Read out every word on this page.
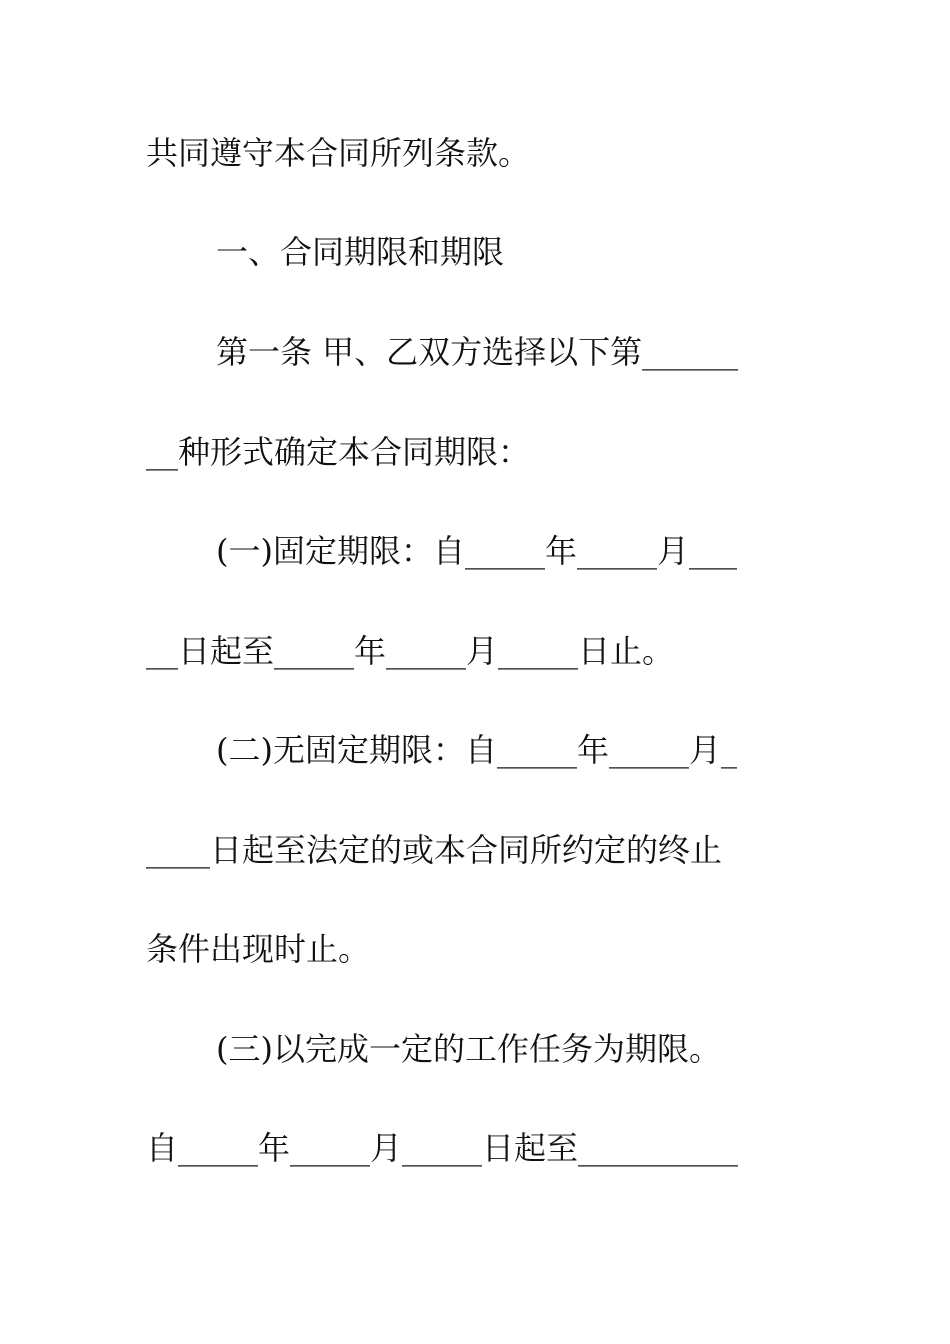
共同遵守本合同所列条款。
一、合同期限和期限
第一条 甲、乙双方选择以下第______
__种形式确定本合同期限：
(一)固定期限：自_____年_____月___
__日起至_____年_____月_____日止。
(二)无固定期限：自_____年_____月_
____日起至法定的或本合同所约定的终止
条件出现时止。
(三)以完成一定的工作任务为期限。
自_____年_____月_____日起至__________
